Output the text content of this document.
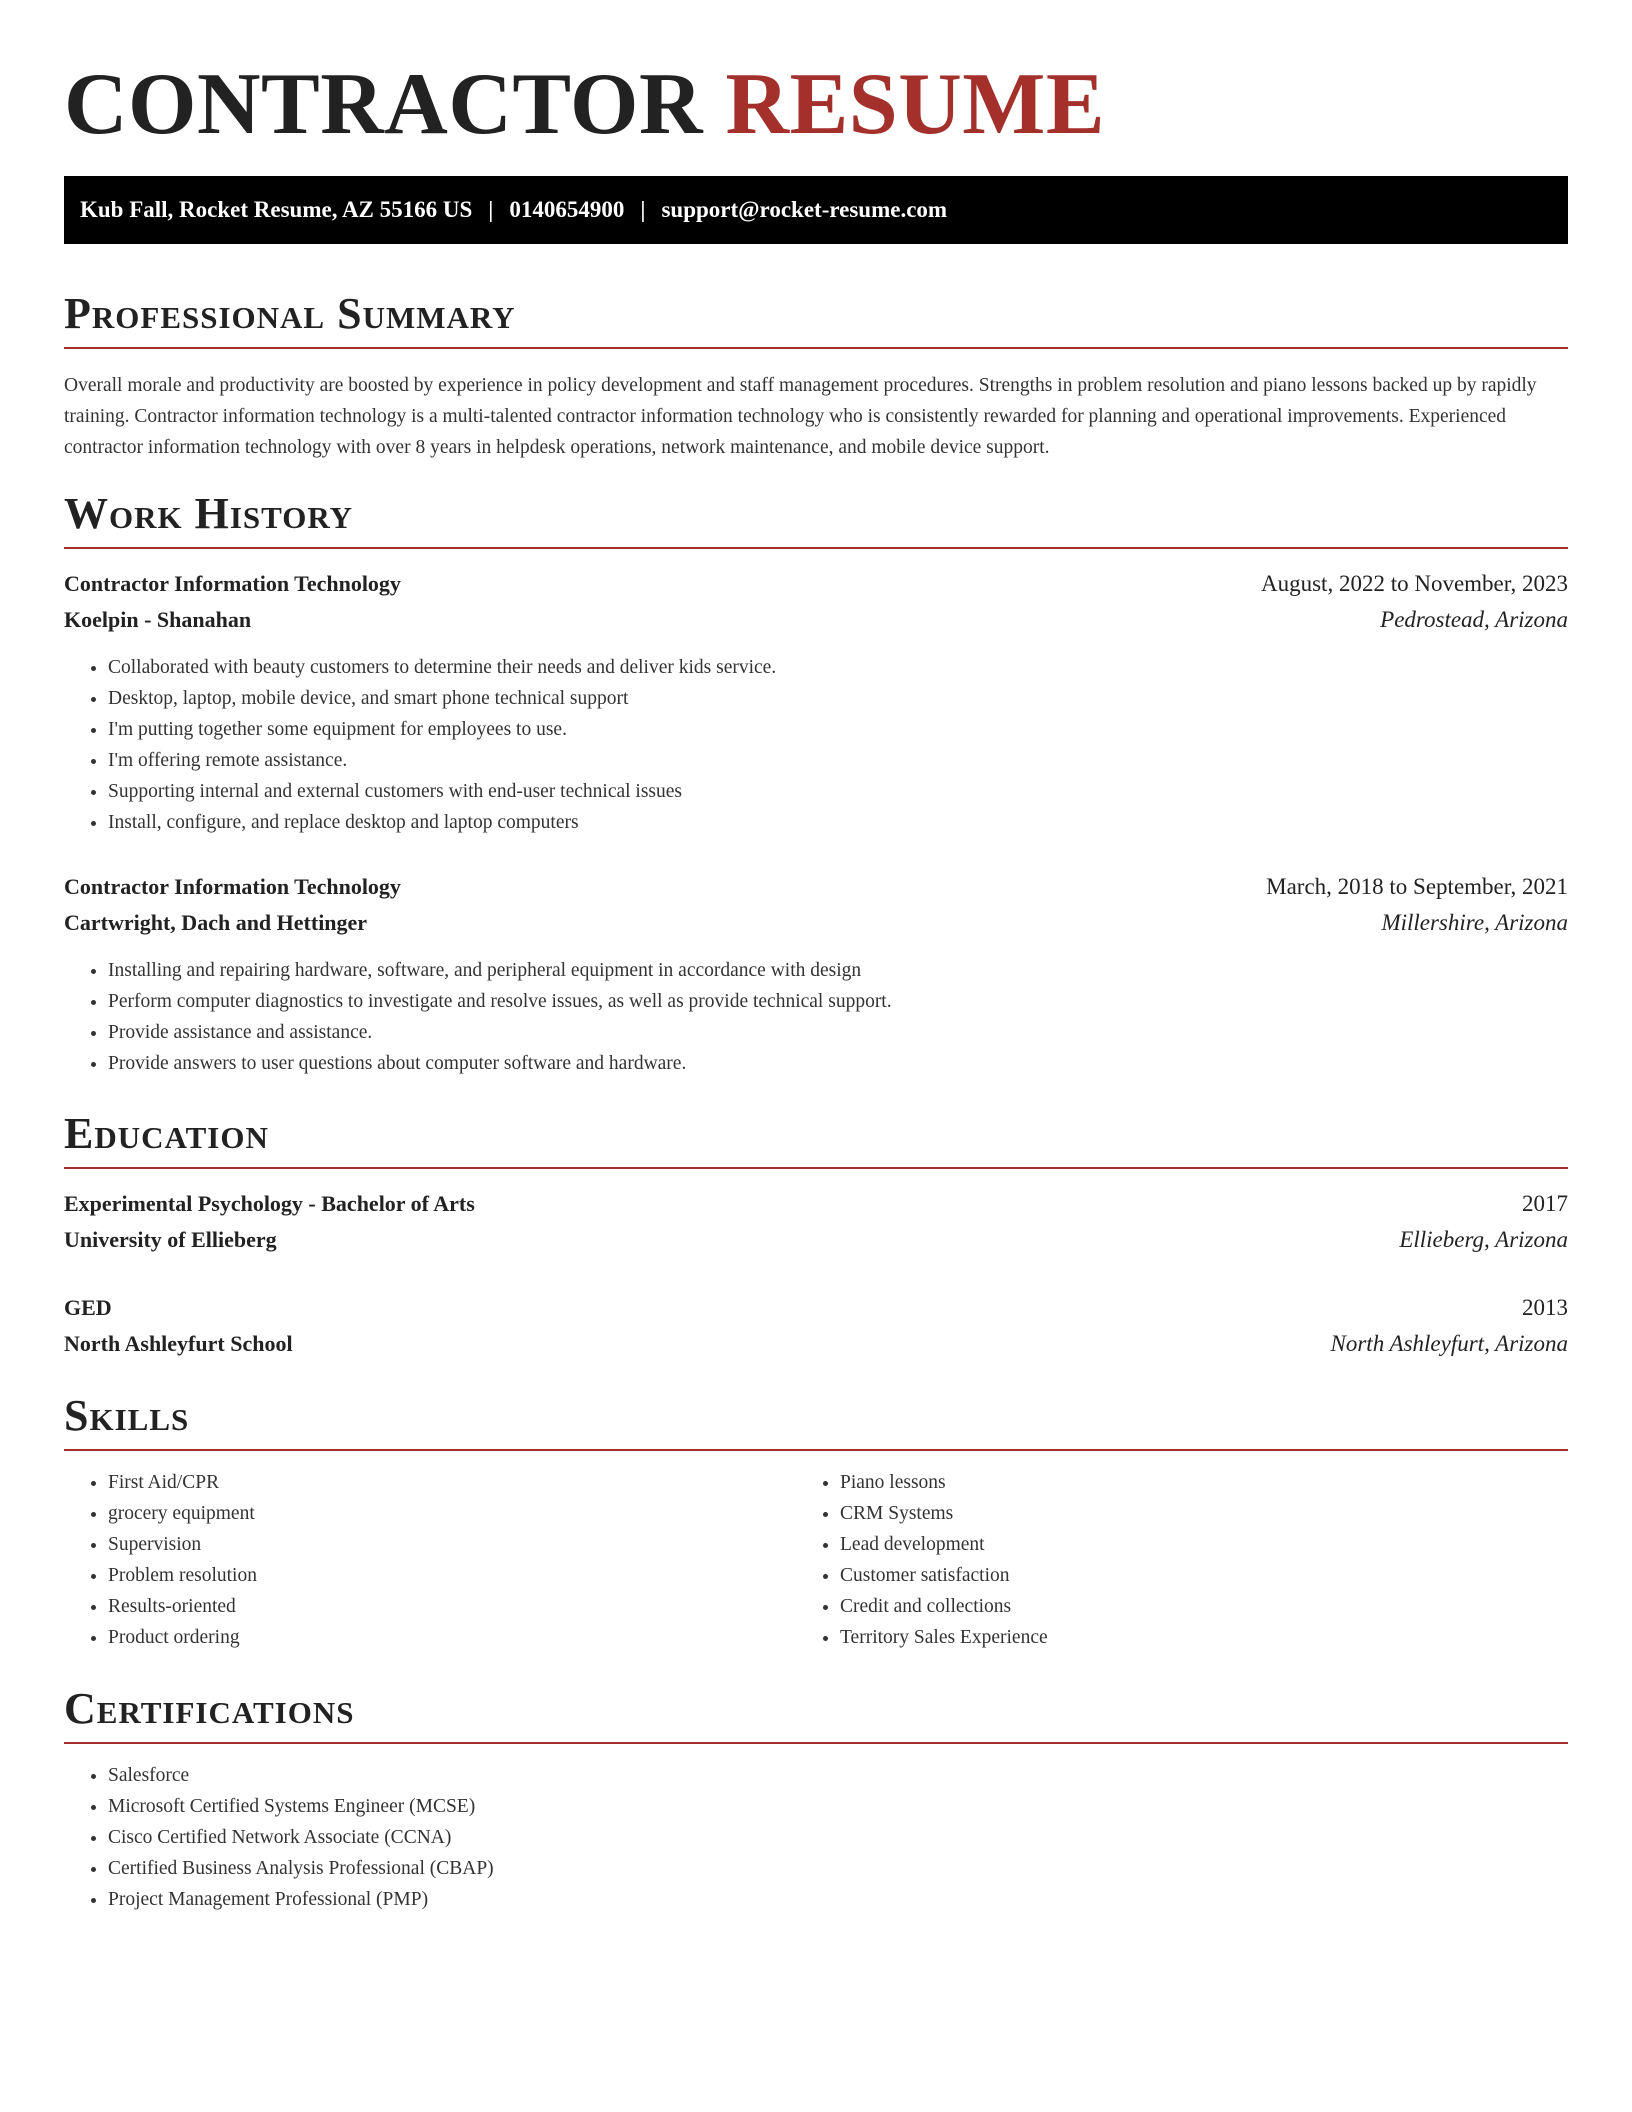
CONTRACTOR RESUME
Kub Fall, Rocket Resume, AZ 55166 US | 0140654900 | support@rocket-resume.com
Professional Summary

Overall morale and productivity are boosted by experience in policy development and staff management procedures. Strengths in problem resolution and piano lessons backed up by rapidly training. Contractor information technology is a multi-talented contractor information technology who is consistently rewarded for planning and operational improvements. Experienced contractor information technology with over 8 years in helpdesk operations, network maintenance, and mobile device support.

Work History
Contractor Information Technology	August, 2022 to November, 2023
Koelpin - Shanahan	Pedrostead, Arizona
• Collaborated with beauty customers to determine their needs and deliver kids service.
• Desktop, laptop, mobile device, and smart phone technical support
• I'm putting together some equipment for employees to use.
• I'm offering remote assistance.
• Supporting internal and external customers with end-user technical issues
• Install, configure, and replace desktop and laptop computers
Contractor Information Technology	March, 2018 to September, 2021
Cartwright, Dach and Hettinger	Millershire, Arizona
• Installing and repairing hardware, software, and peripheral equipment in accordance with design
• Perform computer diagnostics to investigate and resolve issues, as well as provide technical support.
• Provide assistance and assistance.
• Provide answers to user questions about computer software and hardware.
Education
Experimental Psychology - Bachelor of Arts	2017
University of Ellieberg	Ellieberg, Arizona
GED	2013
North Ashleyfurt School	North Ashleyfurt, Arizona
Skills
• First Aid/CPR
• grocery equipment
• Supervision
• Problem resolution
• Results-oriented
• Product ordering
• Piano lessons
• CRM Systems
• Lead development
• Customer satisfaction
• Credit and collections
• Territory Sales Experience
Certifications
• Salesforce
• Microsoft Certified Systems Engineer (MCSE)
• Cisco Certified Network Associate (CCNA)
• Certified Business Analysis Professional (CBAP)
• Project Management Professional (PMP)
